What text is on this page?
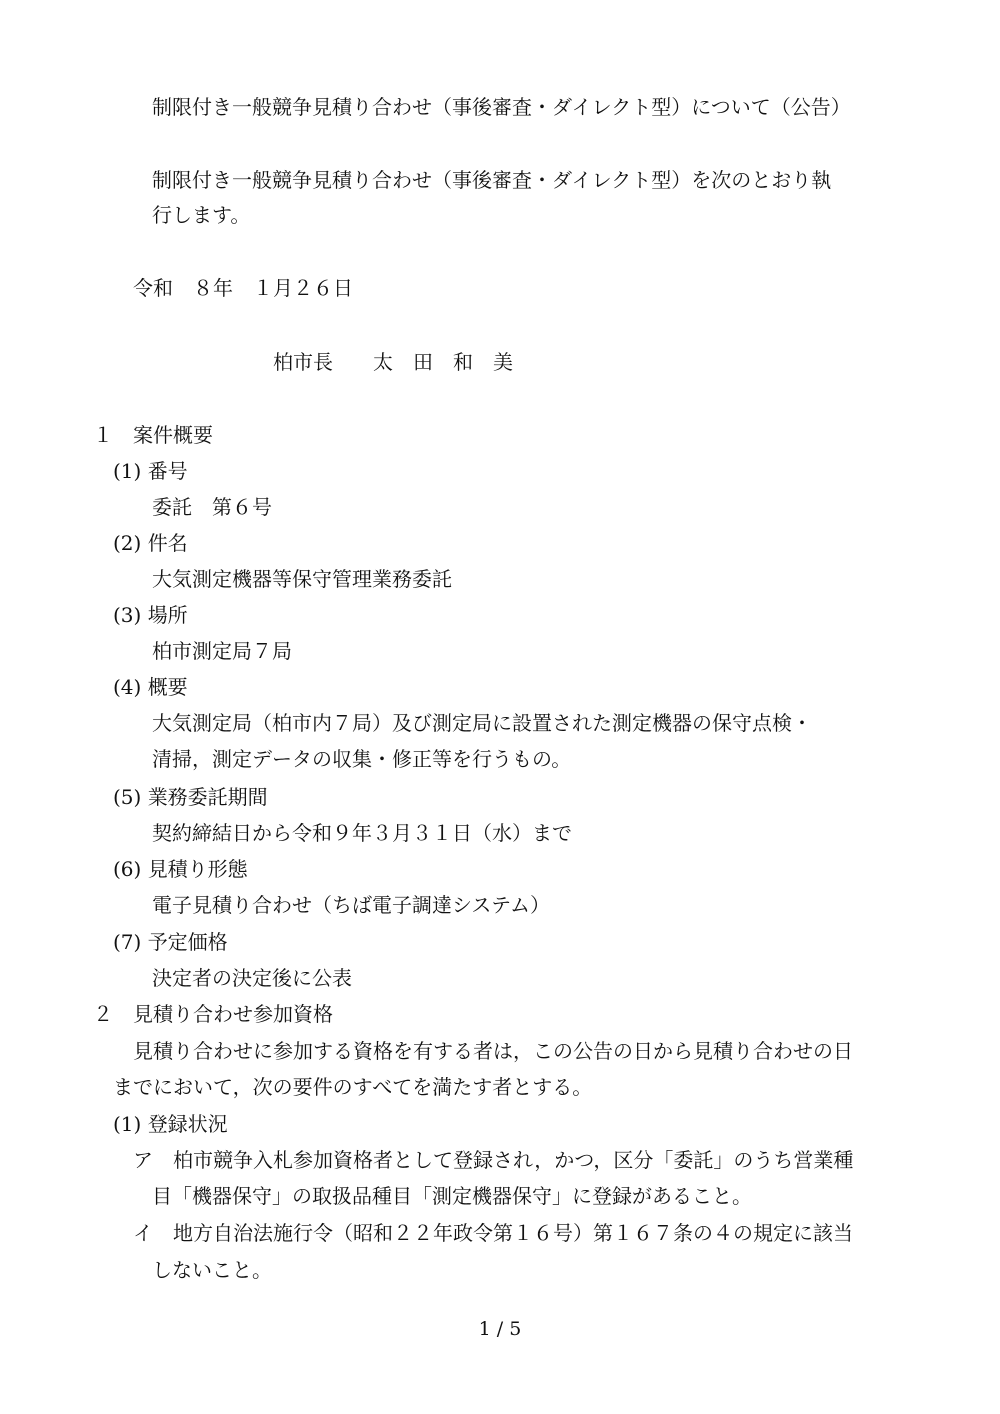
制限付き一般競争見積り合わせ（事後審査・ダイレクト型）について（公告）
制限付き一般競争見積り合わせ（事後審査・ダイレクト型）を次のとおり執
行します。
令和　８年　１月２６日
柏市長　　太　田　和　美
１　案件概要
(1) 番号
委託　第６号
(2) 件名
大気測定機器等保守管理業務委託
(3) 場所
柏市測定局７局
(4) 概要
大気測定局（柏市内７局）及び測定局に設置された測定機器の保守点検・
清掃，測定データの収集・修正等を行うもの。
(5) 業務委託期間
契約締結日から令和９年３月３１日（水）まで
(6) 見積り形態
電子見積り合わせ（ちば電子調達システム）
(7) 予定価格
決定者の決定後に公表
２　見積り合わせ参加資格
見積り合わせに参加する資格を有する者は，この公告の日から見積り合わせの日
までにおいて，次の要件のすべてを満たす者とする。
(1) 登録状況
ア　柏市競争入札参加資格者として登録され，かつ，区分「委託」のうち営業種
目「機器保守」の取扱品種目「測定機器保守」に登録があること。
イ　地方自治法施行令（昭和２２年政令第１６号）第１６７条の４の規定に該当
しないこと。
1 / 5
